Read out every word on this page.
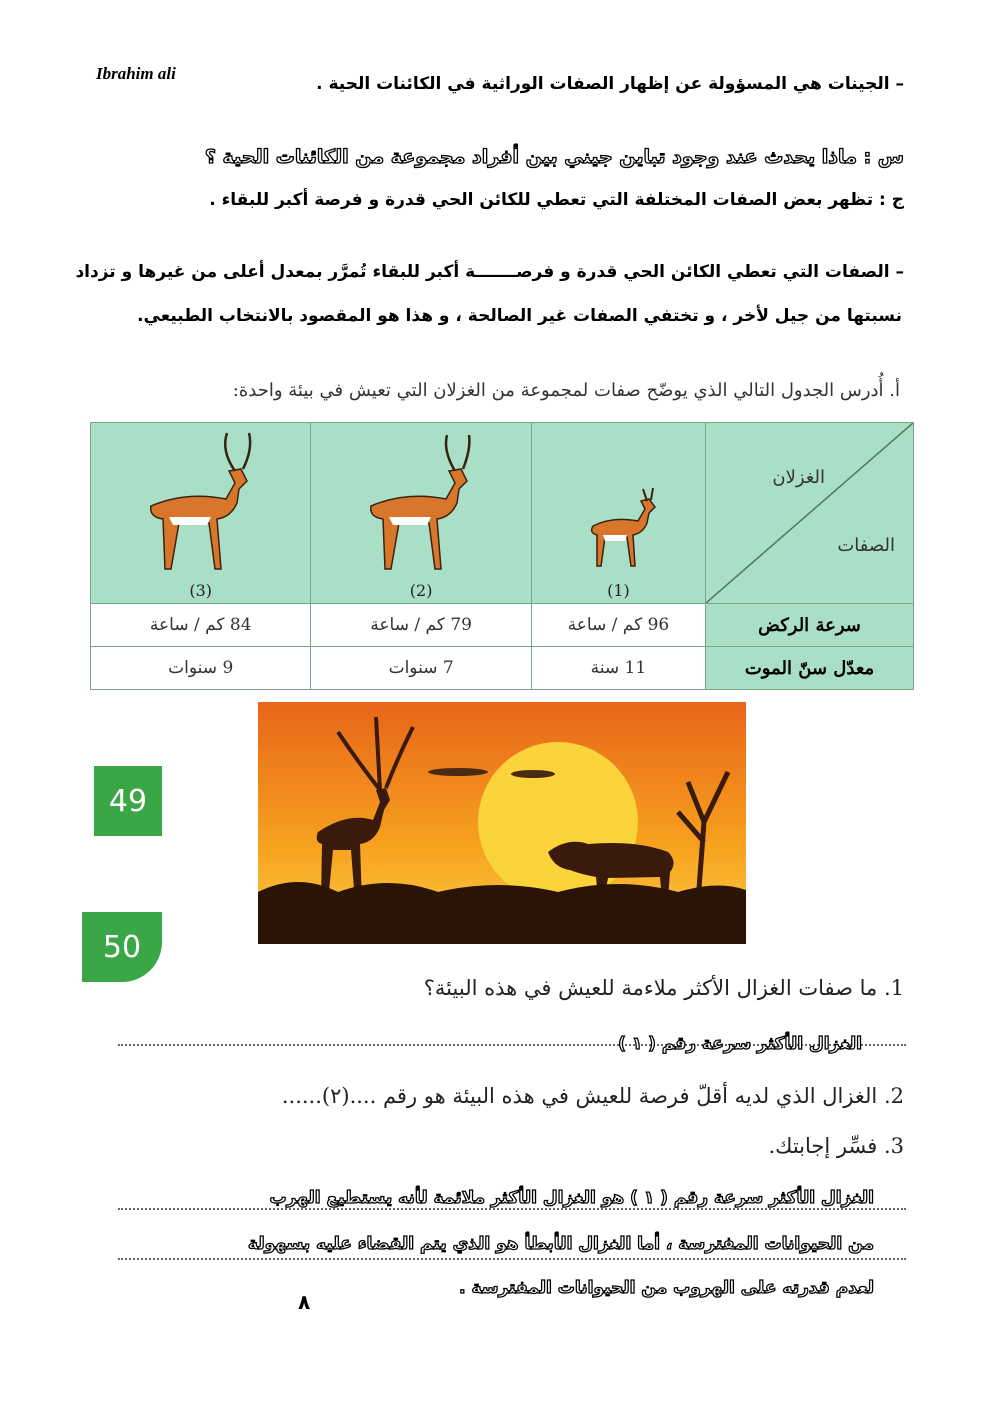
Ibrahim ali
– الجينات هي المسؤولة عن إظهار الصفات الوراثية في الكائنات الحية .
س : ماذا يحدث عند وجود تباين جيني بين أفراد مجموعة من الكائنات الحية ؟
ج : تظهر بعض الصفات المختلفة التي تعطي للكائن الحي قدرة و فرصة أكبر للبقاء .
– الصفات التي تعطي الكائن الحي قدرة و فرصـــــــة أكبر للبقاء تُمرَّر بمعدل أعلى من غيرها و تزداد
نسبتها من جيل لأخر ، و تختفي الصفات غير الصالحة ، و هذا هو المقصود بالانتخاب الطبيعي.
أ. أُدرس الجدول التالي الذي يوضّح صفات لمجموعة من الغزلان التي تعيش في بيئة واحدة:
الغزلان
الصفات	(1)	(2)	(3)

سرعة الركض	96 كم / ساعة	79 كم / ساعة	84 كم / ساعة
معدّل سنّ الموت	11 سنة	7 سنوات	9 سنوات
49
50
1. ما صفات الغزال الأكثر ملاءمة للعيش في هذه البيئة؟
الغزال الأكثر سرعة رقم ( ١ )
2. الغزال الذي لديه أقلّ فرصة للعيش في هذه البيئة هو رقم ....(٢)......
3. فسِّر إجابتك.
الغزال الأكثر سرعة رقم ( ١ ) هو الغزال الأكثر ملائمة لأنه يستطيع الهرب
من الحيوانات المفترسة ، أما الغزال الأبطأ هو الذي يتم القضاء عليه بسهولة
لعدم قدرته على الهروب من الحيوانات المفترسة .
٨
